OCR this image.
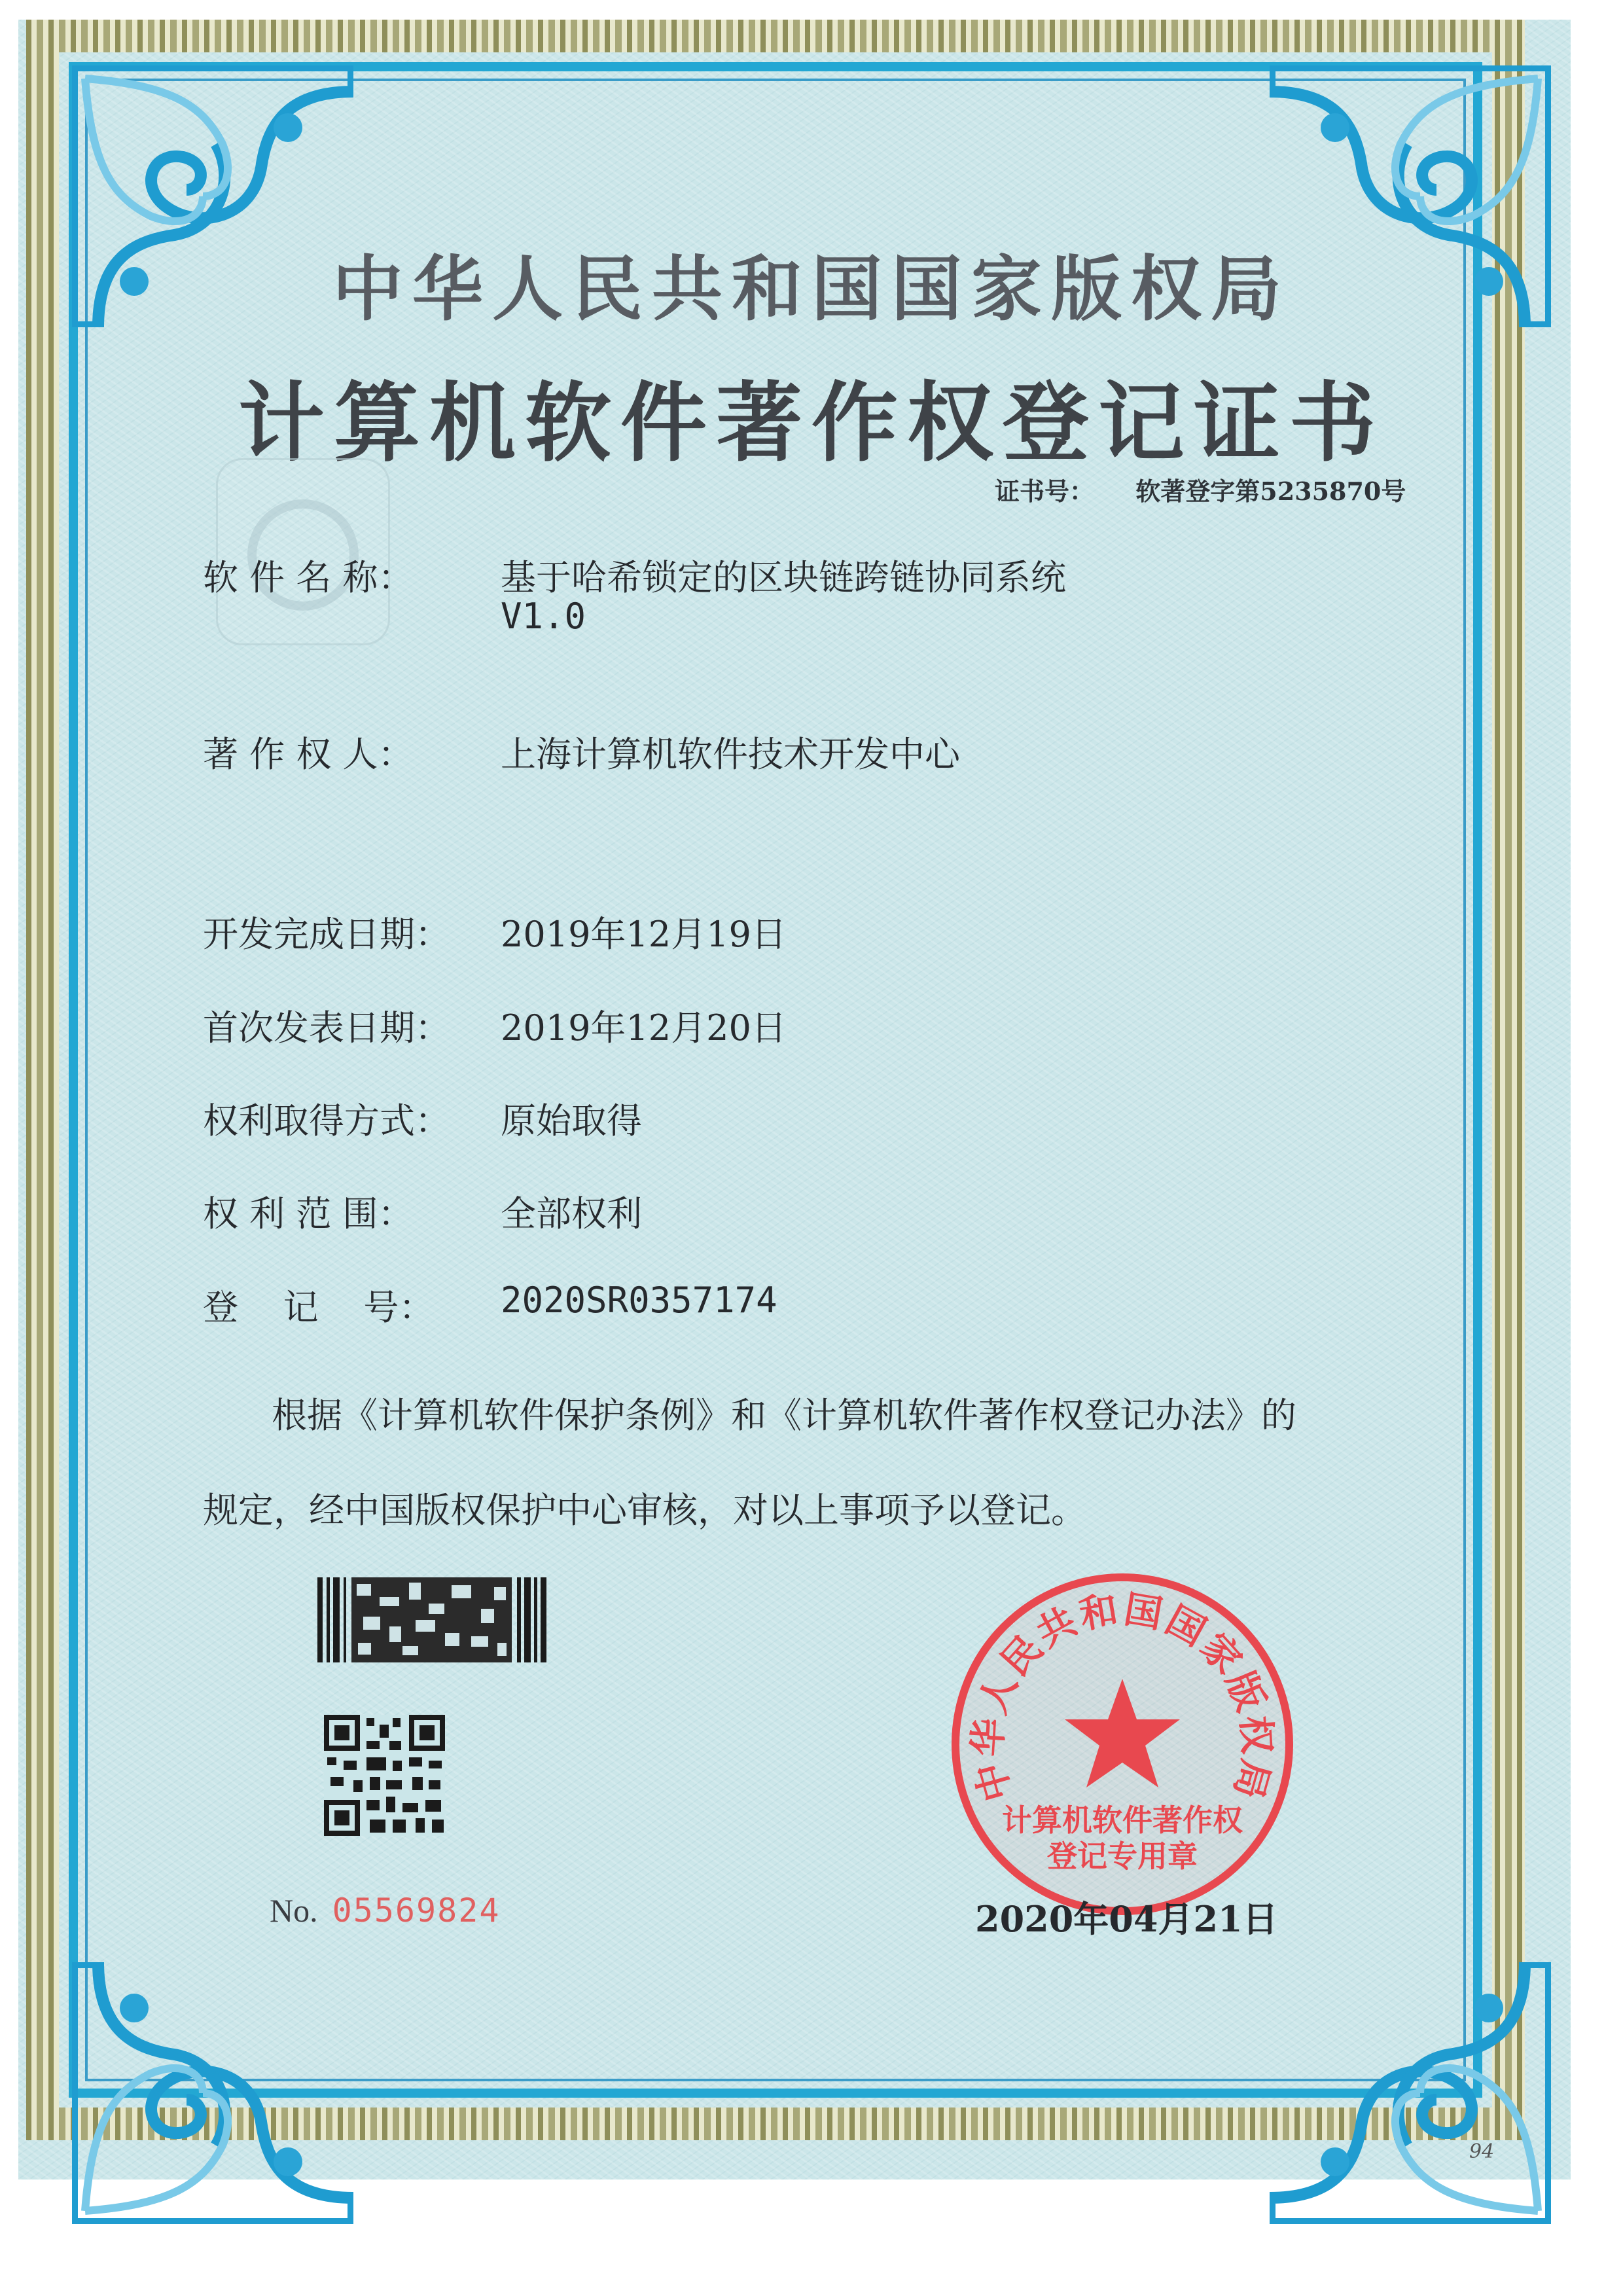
中华人民共和国国家版权局
计算机软件著作权登记证书
证书号： 软著登字第5235870号
软 件 名 称：	基于哈希锁定的区块链跨链协同系统
V1.0
著 作 权 人：	上海计算机软件技术开发中心
开发完成日期： 2019年12月19日
首次发表日期： 2019年12月20日
权利取得方式： 原始取得
权 利 范 围：	全部权利
登    记    号：	2020SR0357174
根据《计算机软件保护条例》和《计算机软件著作权登记办法》的
规定，经中国版权保护中心审核，对以上事项予以登记。
No. 05569824
中华人民共和国国家版权局
计算机软件著作权
登记专用章
2020年04月21日
94
